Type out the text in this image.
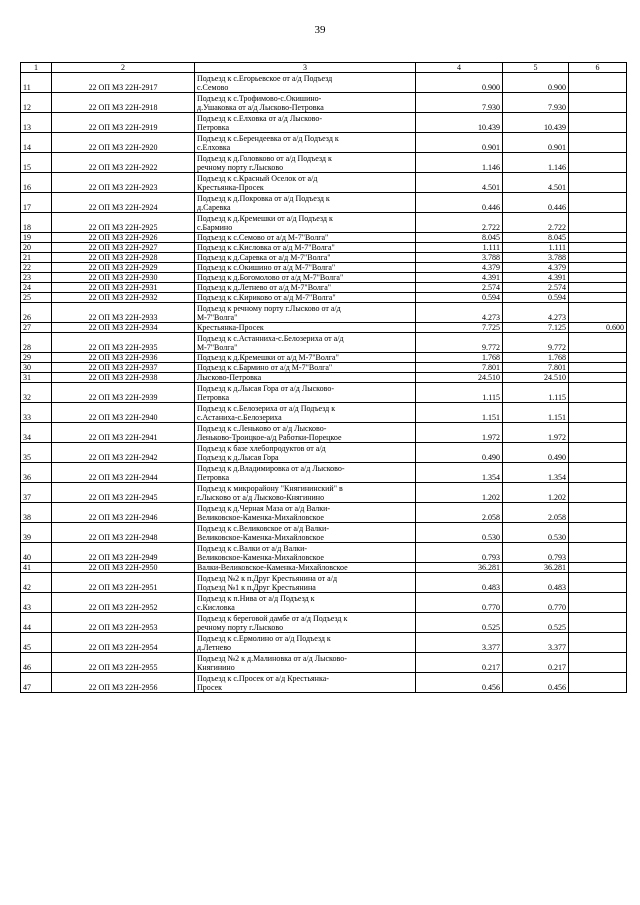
39
1	2	3	4	5	6
11	22 ОП МЗ 22Н-2917	Подъезд к с.Егорьевское от а/д Подъезд
с.Семово	0.900	0.900	
12	22 ОП МЗ 22Н-2918	Подъезд к с.Трофимово-с.Окишино-
д.Ушаковка от а/д Лысково-Петровка	7.930	7.930	
13	22 ОП МЗ 22Н-2919	Подъезд к с.Елховка от а/д Лысково-
Петровка	10.439	10.439	
14	22 ОП МЗ 22Н-2920	Подъезд к с.Берендеевка от а/д Подъезд к
с.Елховка	0.901	0.901	
15	22 ОП МЗ 22Н-2922	Подъезд к д.Головково от а/д Подъезд к
речному порту г.Лысково	1.146	1.146	
16	22 ОП МЗ 22Н-2923	Подъезд к с.Красный Оселок от а/д
Крестьянка-Просек	4.501	4.501	
17	22 ОП МЗ 22Н-2924	Подъезд к д.Покровка от а/д Подъезд к
д.Саревка	0.446	0.446	
18	22 ОП МЗ 22Н-2925	Подъезд к д.Кремешки от а/д Подъезд к
с.Бармино	2.722	2.722	
19	22 ОП МЗ 22Н-2926	Подъезд к с.Семово от а/д М-7"Волга"	8.045	8.045	
20	22 ОП МЗ 22Н-2927	Подъезд к с.Кисловка от а/д М-7"Волга"	1.111	1.111	
21	22 ОП МЗ 22Н-2928	Подъезд к д.Саревка от а/д М-7"Волга"	3.788	3.788	
22	22 ОП МЗ 22Н-2929	Подъезд к с.Окишино от а/д М-7"Волга"	4.379	4.379	
23	22 ОП МЗ 22Н-2930	Подъезд к д.Богомолово от а/д М-7"Волга"	4.391	4.391	
24	22 ОП МЗ 22Н-2931	Подъезд к д.Летнево от а/д М-7"Волга"	2.574	2.574	
25	22 ОП МЗ 22Н-2932	Подъезд к с.Кириково от а/д М-7"Волга"	0.594	0.594	
26	22 ОП МЗ 22Н-2933	Подъезд к речному порту г.Лысково от а/д
М-7"Волга"	4.273	4.273	
27	22 ОП МЗ 22Н-2934	Крестьянка-Просек	7.725	7.125	0.600
28	22 ОП МЗ 22Н-2935	Подъезд к с.Астанниха-с.Белозериха от а/д
М-7"Волга"	9.772	9.772	
29	22 ОП МЗ 22Н-2936	Подъезд к д.Кремешки от а/д М-7"Волга"	1.768	1.768	
30	22 ОП МЗ 22Н-2937	Подъезд к с.Бармино от а/д М-7"Волга"	7.801	7.801	
31	22 ОП МЗ 22Н-2938	Лысково-Петровка	24.510	24.510	
32	22 ОП МЗ 22Н-2939	Подъезд к д.Лысая Гора от а/д Лысково-
Петровка	1.115	1.115	
33	22 ОП МЗ 22Н-2940	Подъезд к с.Белозериха от а/д Подъезд к
с.Астаниха-с.Белозериха	1.151	1.151	
34	22 ОП МЗ 22Н-2941	Подъезд к с.Леньково от а/д Лысково-
Леньково-Троицкое-а/д Работки-Порецкое	1.972	1.972	
35	22 ОП МЗ 22Н-2942	Подъезд к базе хлебопродуктов от а/д
Подъезд к д.Лысая Гора	0.490	0.490	
36	22 ОП МЗ 22Н-2944	Подъезд к д.Владимировка от а/д Лысково-
Петровка	1.354	1.354	
37	22 ОП МЗ 22Н-2945	Подъезд к микрорайону "Княгининский" в
г.Лысково от а/д Лысково-Княгинино	1.202	1.202	
38	22 ОП МЗ 22Н-2946	Подъезд к д.Черная Маза от а/д Валки-
Великовское-Каменка-Михайловское	2.058	2.058	
39	22 ОП МЗ 22Н-2948	Подъезд к с.Великовское от а/д Валки-
Великовское-Каменка-Михайловское	0.530	0.530	
40	22 ОП МЗ 22Н-2949	Подъезд к с.Валки от а/д Валки-
Великовское-Каменка-Михайловское	0.793	0.793	
41	22 ОП МЗ 22Н-2950	Валки-Великовское-Каменка-Михайловское	36.281	36.281	
42	22 ОП МЗ 22Н-2951	Подъезд №2 к п.Друг Крестьянина от а/д
Подъезд №1 к п.Друг Крестьянина	0.483	0.483	
43	22 ОП МЗ 22Н-2952	Подъезд к п.Нива от а/д Подъезд к
с.Кисловка	0.770	0.770	
44	22 ОП МЗ 22Н-2953	Подъезд к береговой дамбе от а/д Подъезд к
речному порту г.Лысково	0.525	0.525	
45	22 ОП МЗ 22Н-2954	Подъезд к с.Ермолино от а/д Подъезд к
д.Летнево	3.377	3.377	
46	22 ОП МЗ 22Н-2955	Подъезд №2 к д.Малиновка от а/д Лысково-
Княгинино	0.217	0.217	
47	22 ОП МЗ 22Н-2956	Подъезд к с.Просек от а/д Крестьянка-
Просек	0.456	0.456	
